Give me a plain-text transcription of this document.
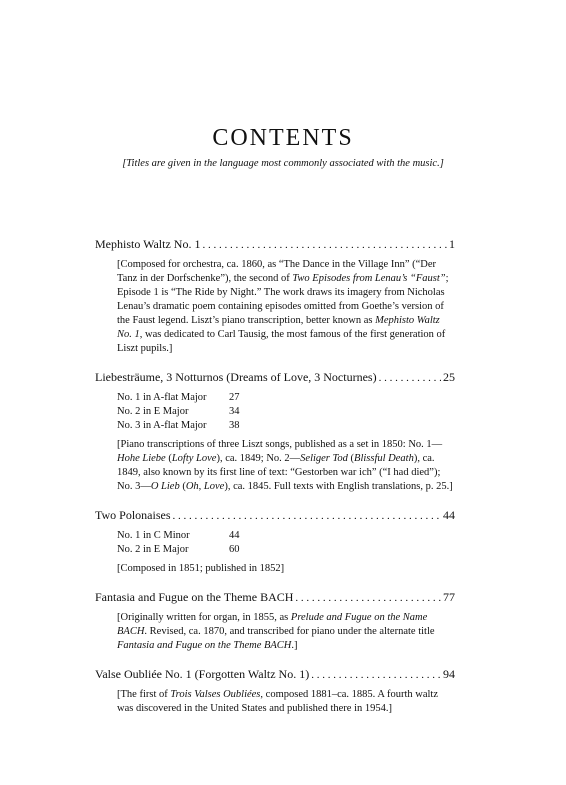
CONTENTS

[Titles are given in the language most commonly associated with the music.]

Mephisto Waltz No. 1 . . .	1

[Composed for orchestra, ca. 1860, as “The Dance in the Village Inn” (“Der Tanz in der Dorfschenke”), the second of Two Episodes from Lenau’s “Faust”; Episode 1 is “The Ride by Night.” The work draws its imagery from Nicholas Lenau’s dramatic poem containing episodes omitted from Goethe’s version of the Faust legend. Liszt’s piano transcription, better known as Mephisto Waltz No. 1, was dedicated to Carl Tausig, the most famous of the first generation of Liszt pupils.]

Liebesträume, 3 Notturnos (Dreams of Love, 3 Nocturnes) . . .	25
No. 1 in A-flat Major	27
No. 2 in E Major	34
No. 3 in A-flat Major	38

[Piano transcriptions of three Liszt songs, published as a set in 1850: No. 1—Hohe Liebe (Lofty Love), ca. 1849; No. 2—Seliger Tod (Blissful Death), ca. 1849, also known by its first line of text: “Gestorben war ich” (“I had died”); No. 3—O Lieb (Oh, Love), ca. 1845. Full texts with English translations, p. 25.]

Two Polonaises . . .	44
No. 1 in C Minor	44
No. 2 in E Major	60

[Composed in 1851; published in 1852]

Fantasia and Fugue on the Theme BACH . . .	77

[Originally written for organ, in 1855, as Prelude and Fugue on the Name BACH. Revised, ca. 1870, and transcribed for piano under the alternate title Fantasia and Fugue on the Theme BACH.]

Valse Oubliée No. 1 (Forgotten Waltz No. 1) . . .	94

[The first of Trois Valses Oubliées, composed 1881–ca. 1885. A fourth waltz was discovered in the United States and published there in 1954.]
